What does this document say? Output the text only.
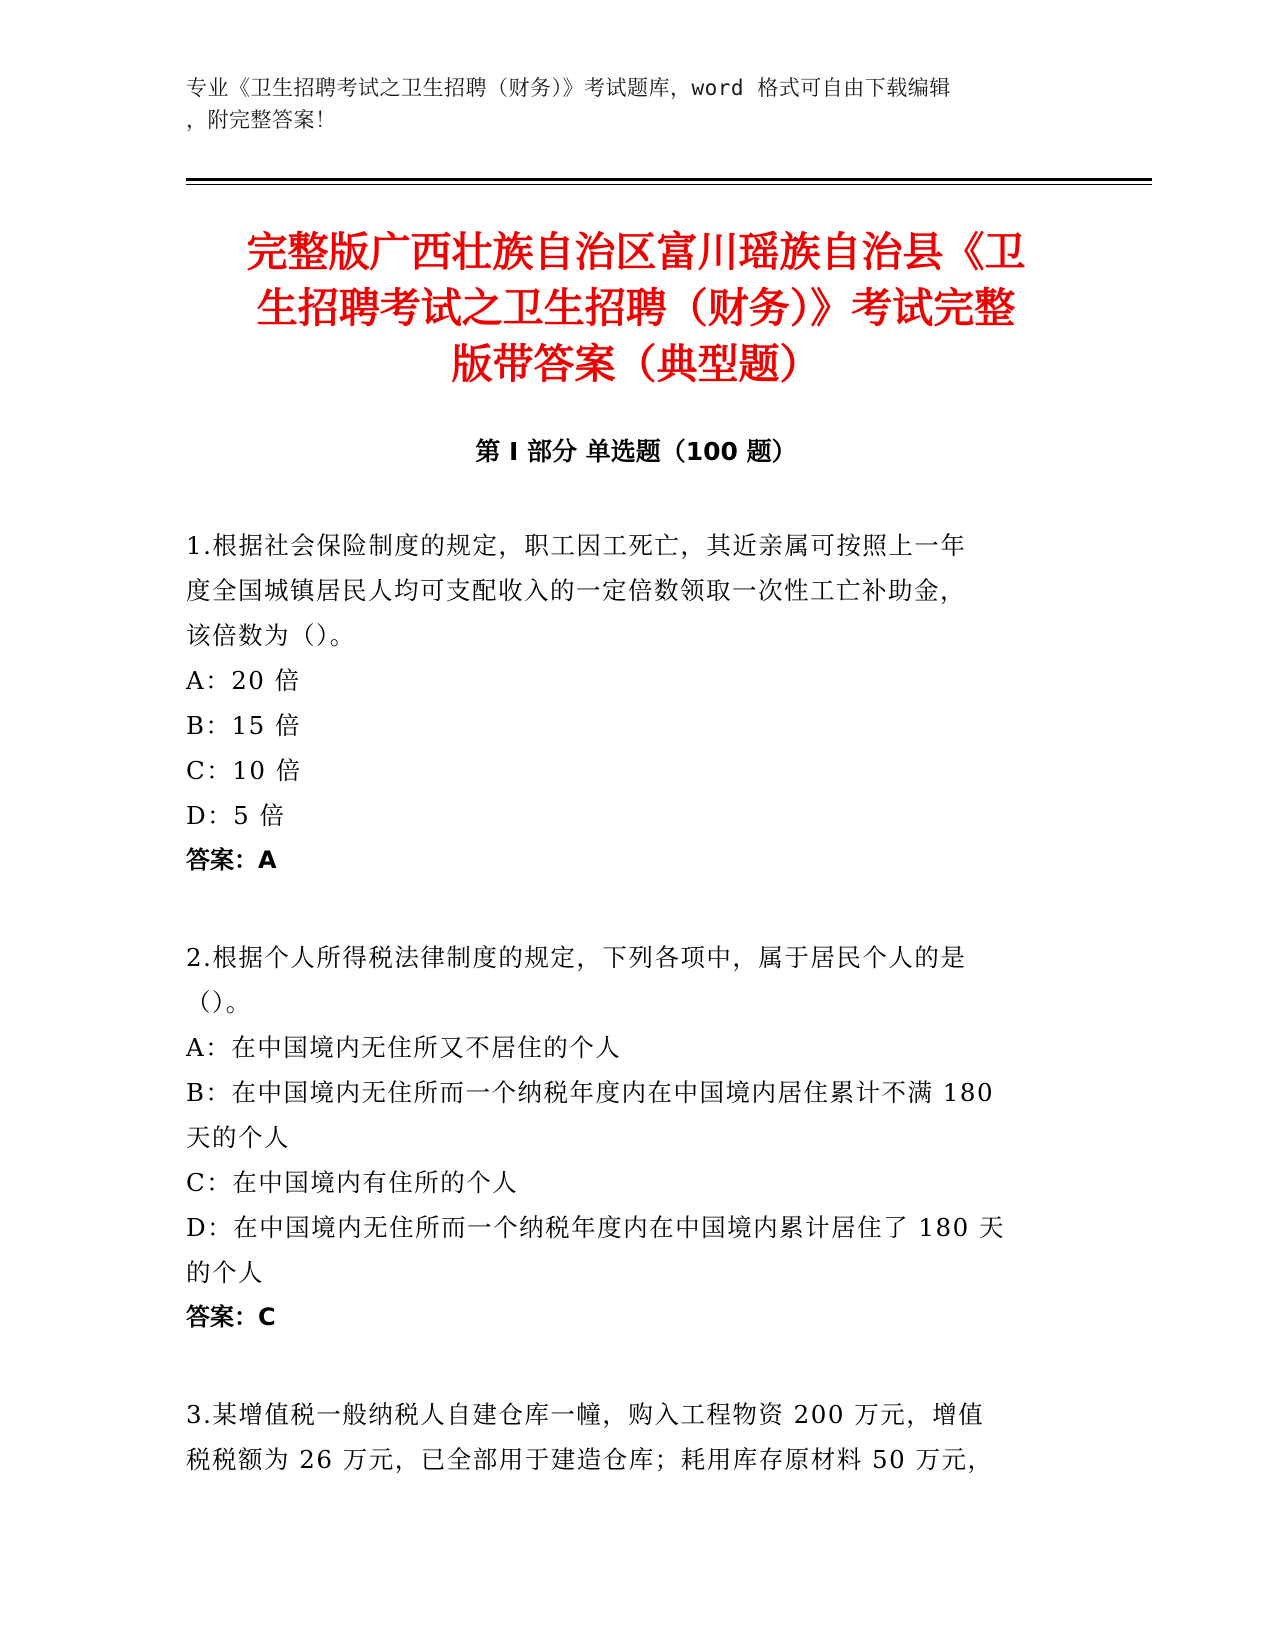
专业《卫生招聘考试之卫生招聘（财务）》考试题库，word 格式可自由下载编辑
，附完整答案！
完整版广西壮族自治区富川瑶族自治县《卫
生招聘考试之卫生招聘（财务）》考试完整
版带答案（典型题）
第 I 部分 单选题（100 题）
1.根据社会保险制度的规定，职工因工死亡，其近亲属可按照上一年
度全国城镇居民人均可支配收入的一定倍数领取一次性工亡补助金，
该倍数为（）。
A：20 倍
B：15 倍
C：10 倍
D：5 倍
答案：A
2.根据个人所得税法律制度的规定，下列各项中，属于居民个人的是
（）。
A：在中国境内无住所又不居住的个人
B：在中国境内无住所而一个纳税年度内在中国境内居住累计不满 180
天的个人
C：在中国境内有住所的个人
D：在中国境内无住所而一个纳税年度内在中国境内累计居住了 180 天
的个人
答案：C
3.某增值税一般纳税人自建仓库一幢，购入工程物资 200 万元，增值
税税额为 26 万元，已全部用于建造仓库；耗用库存原材料 50 万元，
